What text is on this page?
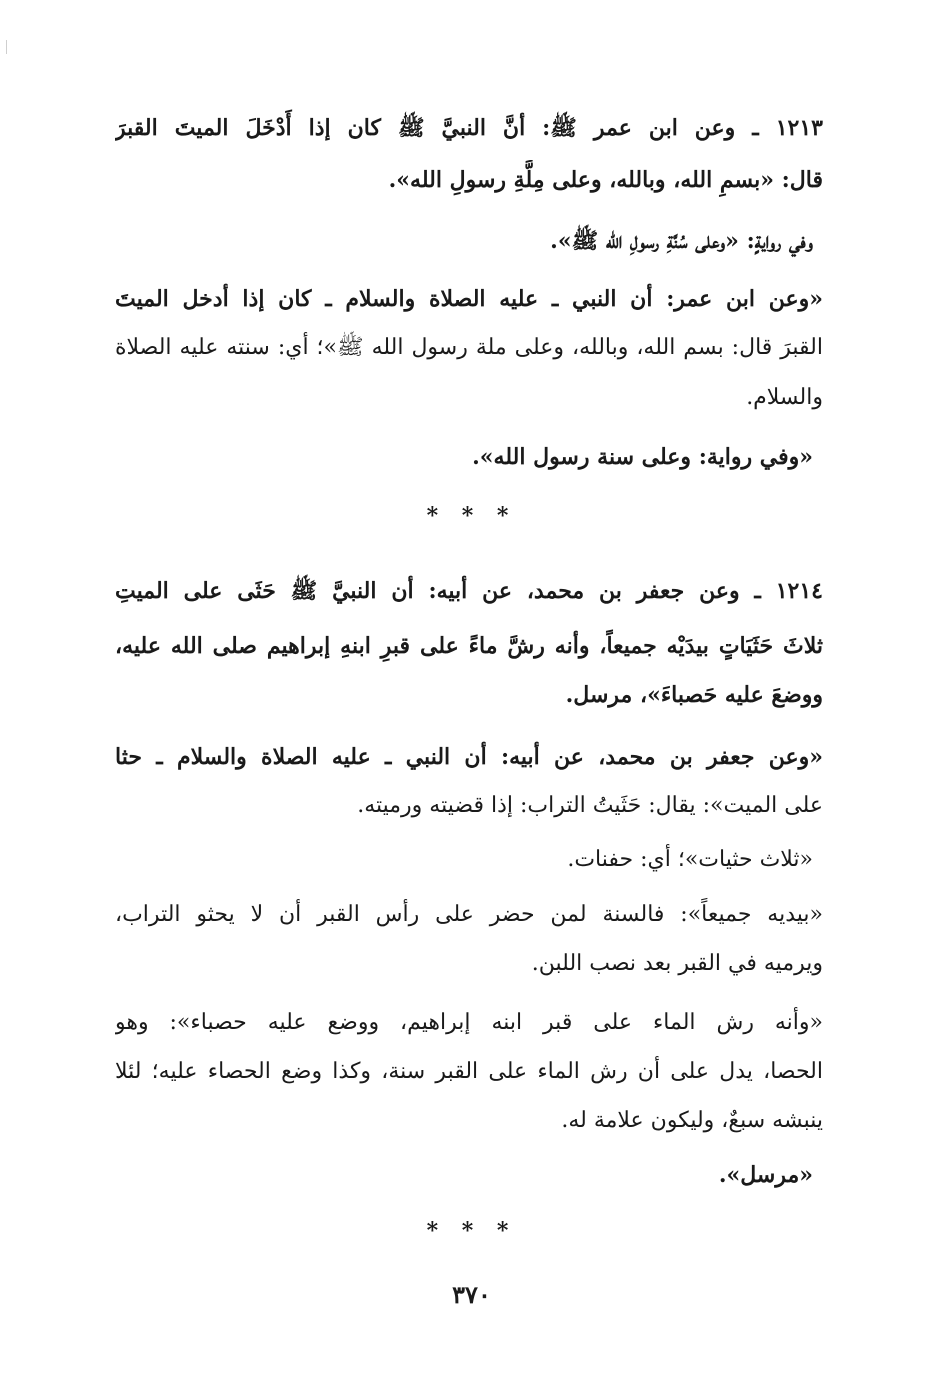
١٢١٣ ـ وعن ابن عمر ﷺ: أنَّ النبيَّ ﷺ كان إذا أَدْخَلَ الميتَ القبرَ
قال: «بسمِ الله، وبالله، وعلى مِلَّةِ رسولِ الله».
وفي روايةٍ: «وعلى سُنَّةِ رسولِ الله ﷺ».
«وعن ابن عمر: أن النبي ـ عليه الصلاة والسلام ـ كان إذا أدخل الميتَ
القبرَ قال: بسم الله، وبالله، وعلى ملة رسول الله ﷺ»؛ أي: سنته عليه الصلاة
والسلام.
«وفي رواية: وعلى سنة رسول الله».
* * *
١٢١٤ ـ وعن جعفر بن محمد، عن أبيه: أن النبيَّ ﷺ حَثَى على الميتِ
ثلاثَ حَثَيَاتٍ بيدَيْه جميعاً، وأنه رشَّ ماءً على قبرِ ابنهِ إبراهيم صلى الله عليه،
ووضعَ عليه حَصباءَ»، مرسل.
«وعن جعفر بن محمد، عن أبيه: أن النبي ـ عليه الصلاة والسلام ـ حثا
على الميت»: يقال: حَثَيتُ التراب: إذا قضيته ورميته.
«ثلاث حثيات»؛ أي: حفنات.
«بيديه جميعاً»: فالسنة لمن حضر على رأس القبر أن لا يحثو التراب،
ويرميه في القبر بعد نصب اللبن.
«وأنه رش الماء على قبر ابنه إبراهيم، ووضع عليه حصباء»: وهو
الحصا، يدل على أن رش الماء على القبر سنة، وكذا وضع الحصاء عليه؛ لئلا
ينبشه سبعٌ، وليكون علامة له.
«مرسل».
* * *
٣٧٠
